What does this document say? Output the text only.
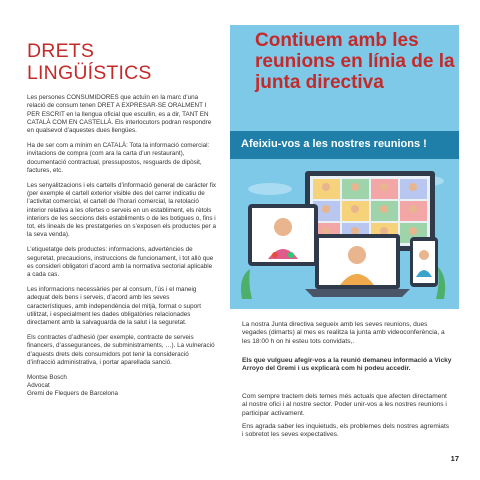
DRETS LINGÜÍSTICS

Les persones CONSUMIDORES que actuïn en la marc d’una relació de consum tenen DRET A EXPRESAR-SE ORALMENT I PER ESCRIT en la llengua oficial que escullin, es a dir, TANT EN CATALÀ COM EN CASTELLÀ. Els interlocutors podran respondre en qualsevol d’aquestes dues llengües.

Ha de ser com a mínim en CATALÀ: Tota la informació comercial: invitacions de compra (com ara la carta d’un restaurant), documentació contractual, pressupostos, resguards de dipòsit, factures, etc.

Les senyalitzacions i els cartells d’informació general de caràcter fix (per exemple el cartell exterior visible des del carrer indicatiu de l’activitat comercial, el cartell de l’horari comercial, la retolació interior relativa a les ofertes o serveis en un establiment, els rètols interiors de les seccions dels establiments o de les botigues o, fins i tot, els lineals de les prestatgeries on s’exposen els productes per a la seva venda).

L’etiquetatge dels productes: informacions, advertències de seguretat, precaucions, instruccions de funcionament, i tot allò que es consideri obligatori d’acord amb la normativa sectorial aplicable a cada cas.

Les informacions necessàries per al consum, l’ús i el maneig adequat dels bens i serveis, d’acord amb les seves característiques, amb independència del mitjà, format o suport utilitzat, i especialment les dades obligatòries relacionades directament amb la salvaguarda de la salut i la seguretat.

Els contractes d’adhesió (per exemple, contracte de serveis financers, d’assegurances, de subministraments, …). La vulneració d’aquests drets dels consumidors pot tenir la consideració d’infracció administrativa, i portar aparellada sanció.

Montse Bosch
Advocat
Gremi de Flequers de Barcelona

Contiuem amb les reunions en línia de la junta directiva
Afeixiu-vos a les nostres reunions !

La nostra Junta directiva segueix amb les seves reunions, dues vegades (dimarts) al mes es realitza la junta amb videoconferència, a les 18:00 h on hi esteu tots convidats,.

Els que vulgueu afegir-vos a la reunió demaneu informació a Vicky Arroyo del Gremi i us explicarà com hi podeu accedir.

Com sempre tractem dels temes més actuals que afecten directament al nostre ofici i al nostre sector. Poder unir-vos a les nostres reunions i participar activament.

Ens agrada saber les inquietuds, els problemes dels nostres agremiats i sobretot les seves expectatives.

17
